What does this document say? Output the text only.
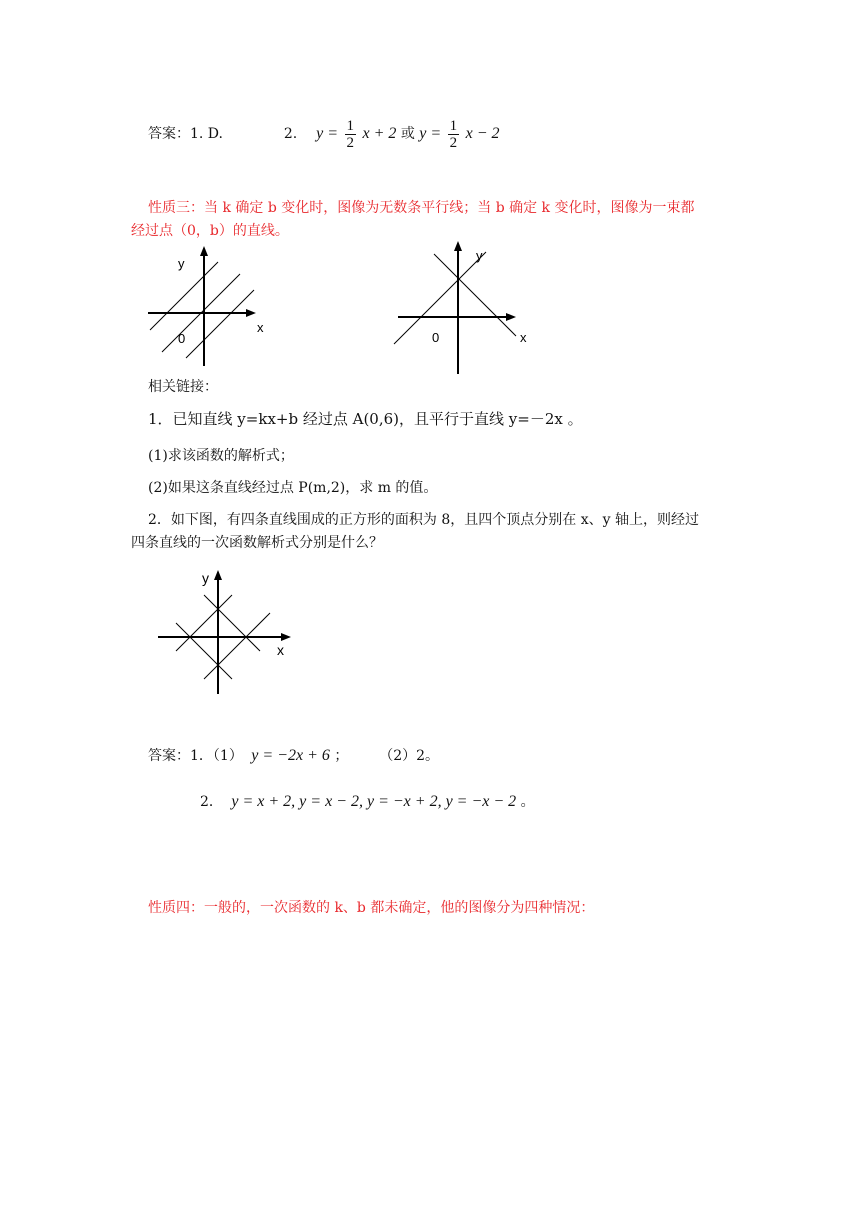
答案：1. D.	2. $y = \frac{1}{2}$ x + 2 或 $y = \frac{1}{2}$ x − 2
性质三：当 k 确定 b 变化时，图像为无数条平行线；当 b 确定 k 变化时，图像为一束都
经过点（0，b）的直线。
y
x
0
y
x
0
相关链接：
1．已知直线 y=kx+b 经过点 A(0,6)，且平行于直线 y=－2x 。
(1)求该函数的解析式；
(2)如果这条直线经过点 P(m,2)，求 m 的值。
2．如下图，有四条直线围成的正方形的面积为 8，且四个顶点分别在 x、y 轴上，则经过
四条直线的一次函数解析式分别是什么？
y
x
答案：1．（1） y = −2x + 6 ； （2）2。
2． y = x + 2, y = x − 2, y = −x + 2, y = −x − 2 。
性质四：一般的，一次函数的 k、b 都未确定，他的图像分为四种情况：
